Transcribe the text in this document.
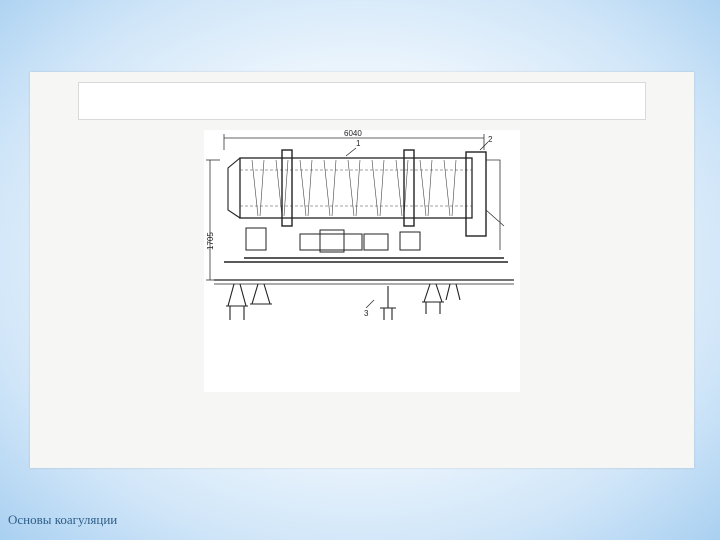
6040
1705
1	2
3
Основы коагуляции
